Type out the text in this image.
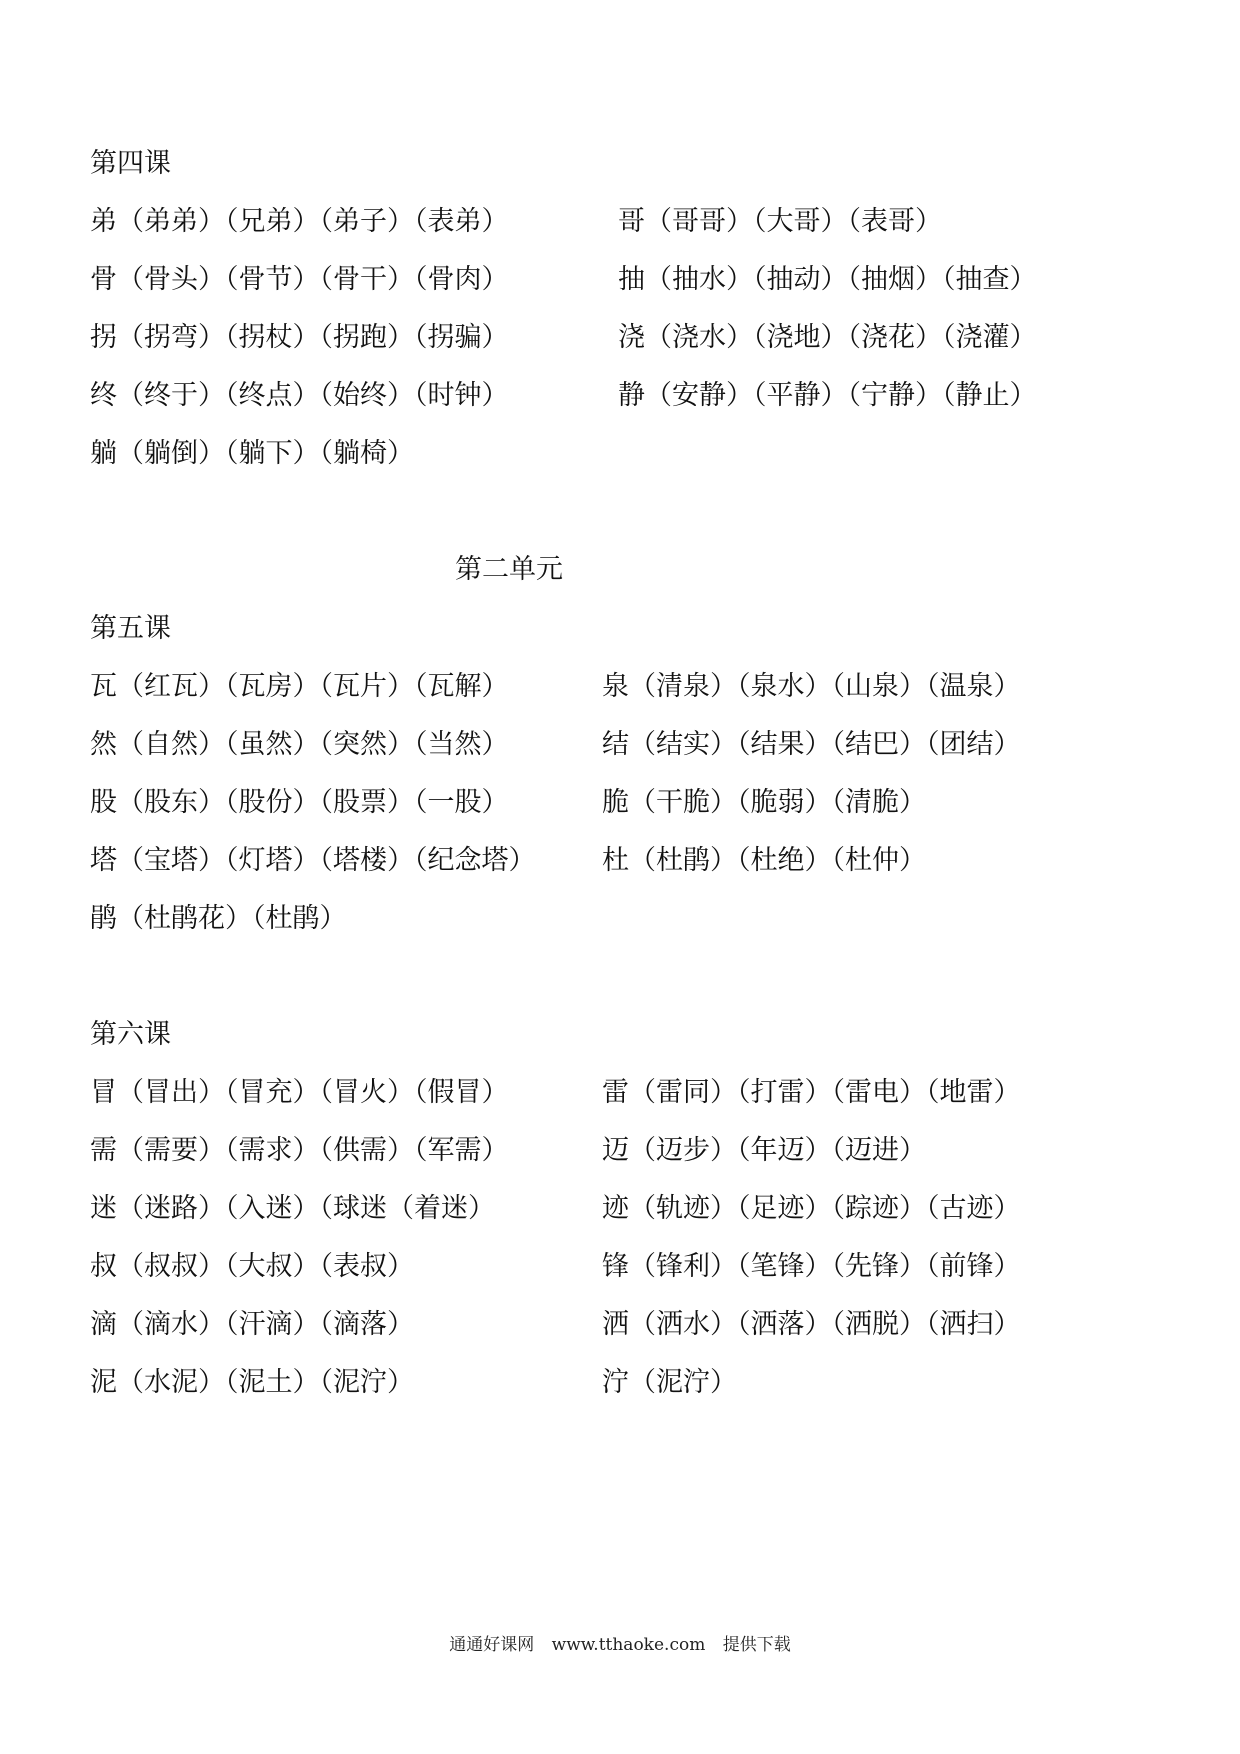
第四课

弟（弟弟）（兄弟）（弟子）（表弟）	哥（哥哥）（大哥）（表哥）

骨（骨头）（骨节）（骨干）（骨肉）	抽（抽水）（抽动）（抽烟）（抽查）

拐（拐弯）（拐杖）（拐跑）（拐骗）	浇（浇水）（浇地）（浇花）（浇灌）

终（终于）（终点）（始终）（时钟）	静（安静）（平静）（宁静）（静止）

躺（躺倒）（躺下）（躺椅）

第二单元

第五课

瓦（红瓦）（瓦房）（瓦片）（瓦解）	泉（清泉）（泉水）（山泉）（温泉）

然（自然）（虽然）（突然）（当然）	结（结实）（结果）（结巴）（团结）

股（股东）（股份）（股票）（一股）	脆（干脆）（脆弱）（清脆）

塔（宝塔）（灯塔）（塔楼）（纪念塔） 杜（杜鹃）（杜绝）（杜仲）

鹃（杜鹃花）（杜鹃）

第六课

冒（冒出）（冒充）（冒火）（假冒）	雷（雷同）（打雷）（雷电）（地雷）

需（需要）（需求）（供需）（军需）	迈（迈步）（年迈）（迈进）

迷（迷路）（入迷）（球迷（着迷）	迹（轨迹）（足迹）（踪迹）（古迹）

叔（叔叔）（大叔）（表叔）	锋（锋利）（笔锋）（先锋）（前锋）

滴（滴水）（汗滴）（滴落）	洒（洒水）（洒落）（洒脱）（洒扫）

泥（水泥）（泥土）（泥泞）	泞（泥泞）

通通好课网 www.tthaoke.com 提供下载
